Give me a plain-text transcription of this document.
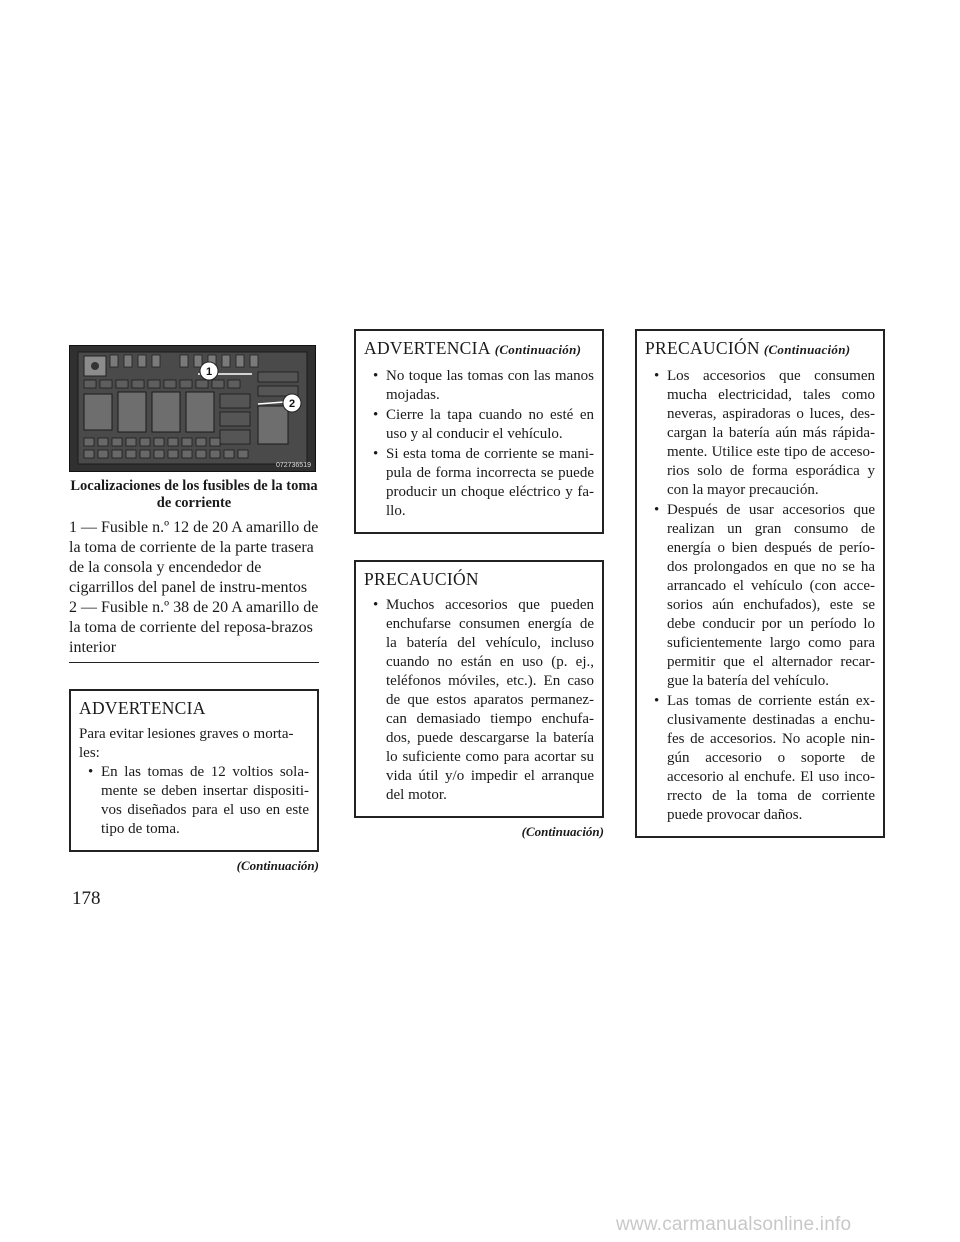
1
2
072736519
Localizaciones de los fusibles de la toma de corriente
1 — Fusible n.º 12 de 20 A amarillo de la toma de corriente de la parte trasera de la consola y encendedor de cigarrillos del panel de instru-mentos
2 — Fusible n.º 38 de 20 A amarillo de la toma de corriente del reposa-brazos interior
ADVERTENCIA

Para evitar lesiones graves o morta-les:

• En las tomas de 12 voltios sola-mente se deben insertar dispositi-vos diseñados para el uso en este tipo de toma.
(Continuación)
ADVERTENCIA (Continuación)
• No toque las tomas con las manos mojadas.
• Cierre la tapa cuando no esté en uso y al conducir el vehículo.
• Si esta toma de corriente se mani-pula de forma incorrecta se puede producir un choque eléctrico y fa-llo.
PRECAUCIÓN
• Muchos accesorios que pueden enchufarse consumen energía de la batería del vehículo, incluso cuando no están en uso (p. ej., teléfonos móviles, etc.). En caso de que estos aparatos permanez-can demasiado tiempo enchufa-dos, puede descargarse la batería lo suficiente como para acortar su vida útil y/o impedir el arranque del motor.
(Continuación)
PRECAUCIÓN (Continuación)
• Los accesorios que consumen mucha electricidad, tales como neveras, aspiradoras o luces, des-cargan la batería aún más rápida-mente. Utilice este tipo de acceso-rios solo de forma esporádica y con la mayor precaución.
• Después de usar accesorios que realizan un gran consumo de energía o bien después de perío-dos prolongados en que no se ha arrancado el vehículo (con acce-sorios aún enchufados), este se debe conducir por un período lo suficientemente largo como para permitir que el alternador recar-gue la batería del vehículo.
• Las tomas de corriente están ex-clusivamente destinadas a enchu-fes de accesorios. No acople nin-gún accesorio o soporte de accesorio al enchufe. El uso inco-rrecto de la toma de corriente puede provocar daños.
178
www.carmanualsonline.info
